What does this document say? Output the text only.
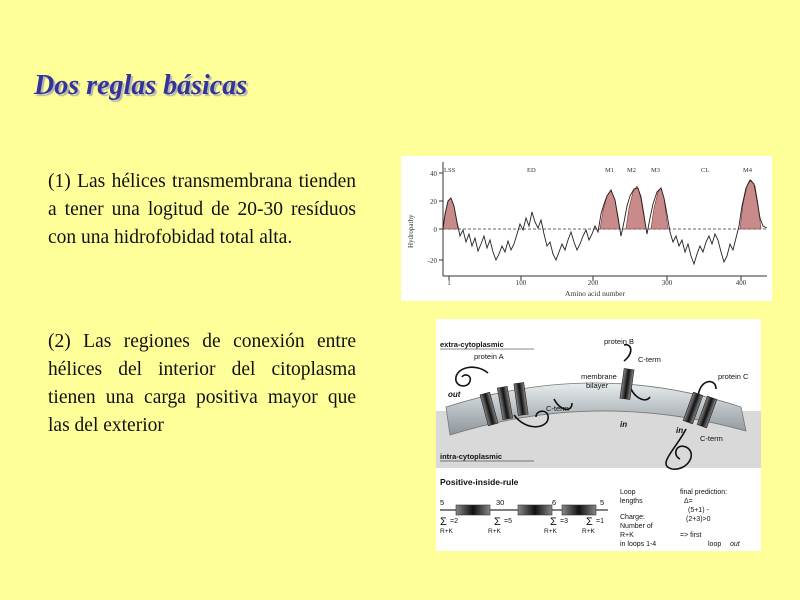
Dos reglas básicas

(1) Las hélices transmembrana tienden a tener una logitud de 20-30 resíduos con una hidrofobidad total alta.

(2) Las regiones de conexión entre hélices del interior del citoplasma tienen una carga positiva mayor que las del exterior

40
20
0
-20
Hydropathy
1	100	200	300	400
Amino acid number
LSS	ED	M1 M2 M3	CL	M4
extra-cytoplasmic
intra-cytoplasmic
protein A
protein B
protein C
C-term
C-term
C-term
membrane
bilayer
out
in
in
Positive-inside-rule
5	30	6	5
Σ =2	Σ =5	Σ =3 Σ =1
R+K	R+K	R+K	R+K
Loop
lengths
Charge:
Number of
R+K
in loops 1-4
final prediction:
Δ=
(5+1) -
(2+3)>0
=> first
loop out
